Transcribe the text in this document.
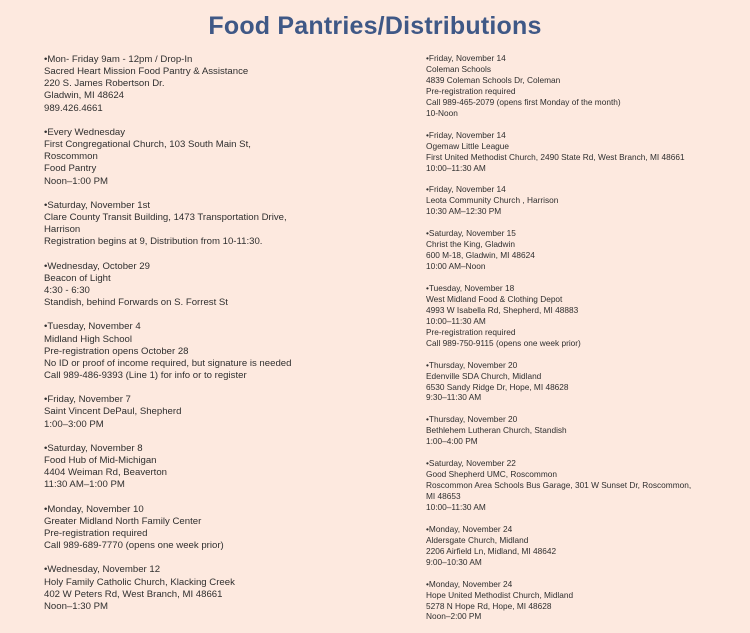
Food Pantries/Distributions
•Mon- Friday 9am - 12pm / Drop-In
Sacred Heart Mission Food Pantry & Assistance
220 S. James Robertson Dr.
Gladwin, MI 48624
989.426.4661
•Every Wednesday
First Congregational Church, 103 South Main St,
Roscommon
Food Pantry
Noon–1:00 PM
•Saturday, November 1st
Clare County Transit Building, 1473 Transportation Drive,
Harrison
Registration begins at 9, Distribution from 10-11:30.
•Wednesday, October 29
Beacon of Light
4:30 - 6:30
Standish, behind Forwards on S. Forrest St
•Tuesday, November 4
Midland High School
Pre-registration opens October 28
No ID or proof of income required, but signature is needed
Call 989-486-9393 (Line 1) for info or to register
•Friday, November 7
Saint Vincent DePaul, Shepherd
1:00–3:00 PM
•Saturday, November 8
Food Hub of Mid-Michigan
4404 Weiman Rd, Beaverton
11:30 AM–1:00 PM
•Monday, November 10
Greater Midland North Family Center
Pre-registration required
Call 989-689-7770 (opens one week prior)
•Wednesday, November 12
Holy Family Catholic Church, Klacking Creek
402 W Peters Rd, West Branch, MI 48661
Noon–1:30 PM
•Friday, November 14
Coleman Schools
4839 Coleman Schools Dr, Coleman
Pre-registration required
Call 989-465-2079 (opens first Monday of the month)
10-Noon
•Friday, November 14
Ogemaw Little League
First United Methodist Church, 2490 State Rd, West Branch, MI 48661
10:00–11:30 AM
•Friday, November 14
Leota Community Church , Harrison
10:30 AM–12:30 PM
•Saturday, November 15
Christ the King, Gladwin
600 M-18, Gladwin, MI 48624
10:00 AM–Noon
•Tuesday, November 18
West Midland Food & Clothing Depot
4993 W Isabella Rd, Shepherd, MI 48883
10:00–11:30 AM
Pre-registration required
Call 989-750-9115 (opens one week prior)
•Thursday, November 20
Edenville SDA Church, Midland
6530 Sandy Ridge Dr, Hope, MI 48628
9:30–11:30 AM
•Thursday, November 20
Bethlehem Lutheran Church, Standish
1:00–4:00 PM
•Saturday, November 22
Good Shepherd UMC, Roscommon
Roscommon Area Schools Bus Garage, 301 W Sunset Dr, Roscommon,
MI 48653
10:00–11:30 AM
•Monday, November 24
Aldersgate Church, Midland
2206 Airfield Ln, Midland, MI 48642
9:00–10:30 AM
•Monday, November 24
Hope United Methodist Church, Midland
5278 N Hope Rd, Hope, MI 48628
Noon–2:00 PM
